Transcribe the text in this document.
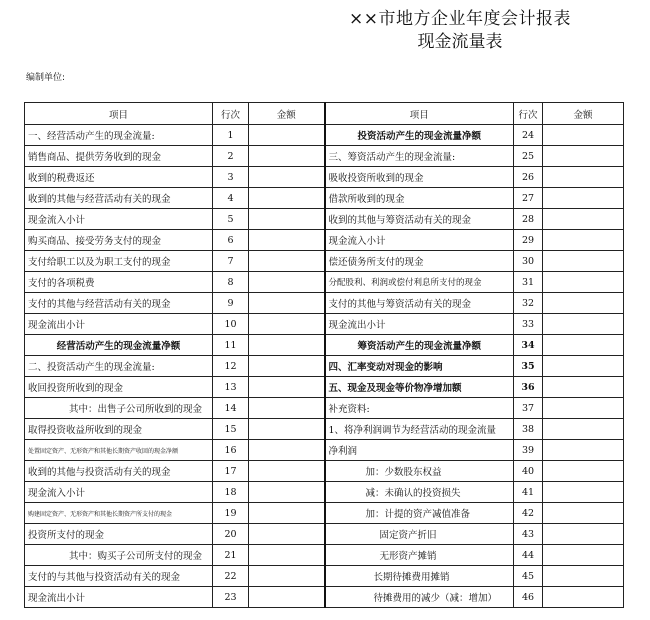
××市地方企业年度会计报表
现金流量表
编制单位:
项目	行次	金额	项目	行次	金额
一、经营活动产生的现金流量:	1		投资活动产生的现金流量净额	24	
销售商品、提供劳务收到的现金	2		三、筹资活动产生的现金流量:	25	
收到的税费返还	3		吸收投资所收到的现金	26	
收到的其他与经营活动有关的现金	4		借款所收到的现金	27	
现金流入小计	5		收到的其他与筹资活动有关的现金	28	
购买商品、接受劳务支付的现金	6		现金流入小计	29	
支付给职工以及为职工支付的现金	7		偿还债务所支付的现金	30	
支付的各项税费	8		分配股利、利润或偿付利息所支付的现金	31	
支付的其他与经营活动有关的现金	9		支付的其他与筹资活动有关的现金	32	
现金流出小计	10		现金流出小计	33	
经营活动产生的现金流量净额	11		筹资活动产生的现金流量净额	34	
二、投资活动产生的现金流量:	12		四、汇率变动对现金的影响	35	
收回投资所收到的现金	13		五、现金及现金等价物净增加额	36	
其中：出售子公司所收到的现金	14		补充资料:	37	
取得投资收益所收到的现金	15		1、将净利润调节为经营活动的现金流量	38	
处置固定资产、无形资产和其他长期资产收回的现金净额	16		净利润	39	
收到的其他与投资活动有关的现金	17		加：少数股东权益	40	
现金流入小计	18		减：未确认的投资损失	41	
购建固定资产、无形资产和其他长期资产所支付的现金	19		加：计提的资产减值准备	42	
投资所支付的现金	20		固定资产折旧	43	
其中：购买子公司所支付的现金	21		无形资产摊销	44	
支付的与其他与投资活动有关的现金	22		长期待摊费用摊销	45	
现金流出小计	23		待摊费用的减少（减：增加）	46	
